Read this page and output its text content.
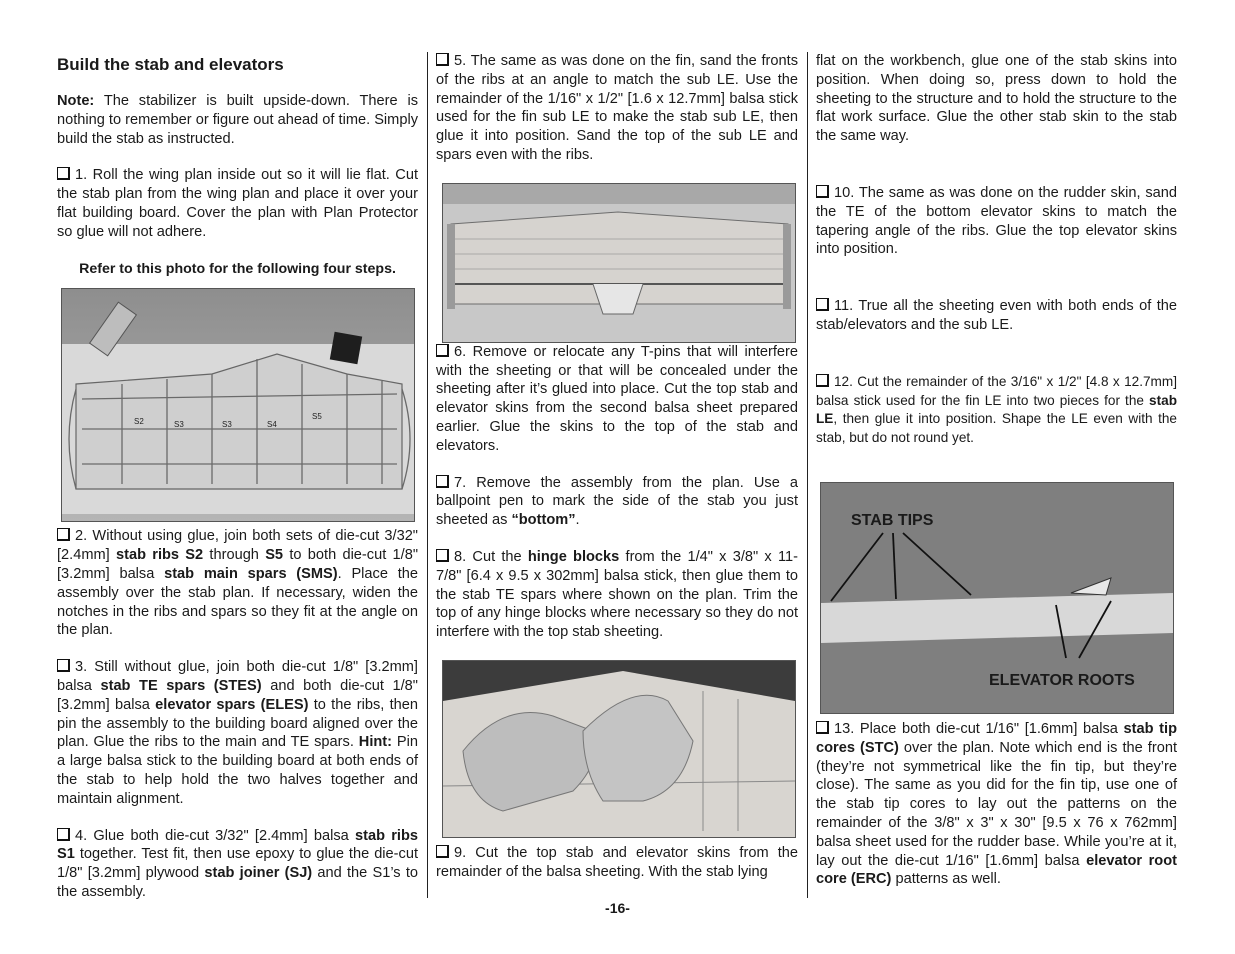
Build the stab and elevators

Note: The stabilizer is built upside-down. There is nothing to remember or figure out ahead of time. Simply build the stab as instructed.

1. Roll the wing plan inside out so it will lie flat. Cut the stab plan from the wing plan and place it over your flat building board. Cover the plan with Plan Protector so glue will not adhere.

Refer to this photo for the following four steps.
S2	S3	S3	S4
S5

2. Without using glue, join both sets of die-cut 3/32" [2.4mm] stab ribs S2 through S5 to both die-cut 1/8" [3.2mm] balsa stab main spars (SMS). Place the assembly over the stab plan. If necessary, widen the notches in the ribs and spars so they fit at the angle on the plan.

3. Still without glue, join both die-cut 1/8" [3.2mm] balsa stab TE spars (STES) and both die-cut 1/8" [3.2mm] balsa elevator spars (ELES) to the ribs, then pin the assembly to the building board aligned over the plan. Glue the ribs to the main and TE spars. Hint: Pin a large balsa stick to the building board at both ends of the stab to help hold the two halves together and maintain alignment.

4. Glue both die-cut 3/32" [2.4mm] balsa stab ribs S1 together. Test fit, then use epoxy to glue the die-cut 1/8" [3.2mm] plywood stab joiner (SJ) and the S1’s to the assembly.

5. The same as was done on the fin, sand the fronts of the ribs at an angle to match the sub LE. Use the remainder of the 1/16" x 1/2" [1.6 x 12.7mm] balsa stick used for the fin sub LE to make the stab sub LE, then glue it into position. Sand the top of the sub LE and spars even with the ribs.

6. Remove or relocate any T-pins that will interfere with the sheeting or that will be concealed under the sheeting after it’s glued into place. Cut the top stab and elevator skins from the second balsa sheet prepared earlier. Glue the skins to the top of the stab and elevators.

7. Remove the assembly from the plan. Use a ballpoint pen to mark the side of the stab you just sheeted as “bottom”.

8. Cut the hinge blocks from the 1/4" x 3/8" x 11-7/8" [6.4 x 9.5 x 302mm] balsa stick, then glue them to the stab TE spars where shown on the plan. Trim the top of any hinge blocks where necessary so they do not interfere with the top stab sheeting.

9. Cut the top stab and elevator skins from the remainder of the balsa sheeting. With the stab lying

flat on the workbench, glue one of the stab skins into position. When doing so, press down to hold the sheeting to the structure and to hold the structure to the flat work surface. Glue the other stab skin to the stab the same way.

10. The same as was done on the rudder skin, sand the TE of the bottom elevator skins to match the tapering angle of the ribs. Glue the top elevator skins into position.

11. True all the sheeting even with both ends of the stab/elevators and the sub LE.

12. Cut the remainder of the 3/16" x 1/2" [4.8 x 12.7mm] balsa stick used for the fin LE into two pieces for the stab LE, then glue it into position. Shape the LE even with the stab, but do not round yet.

STAB TIPS
ELEVATOR ROOTS

13. Place both die-cut 1/16" [1.6mm] balsa stab tip cores (STC) over the plan. Note which end is the front (they’re not symmetrical like the fin tip, but they’re close). The same as you did for the fin tip, use one of the stab tip cores to lay out the patterns on the remainder of the 3/8" x 3" x 30" [9.5 x 76 x 762mm] balsa sheet used for the rudder base. While you’re at it, lay out the die-cut 1/16" [1.6mm] balsa elevator root core (ERC) patterns as well.

-16-
